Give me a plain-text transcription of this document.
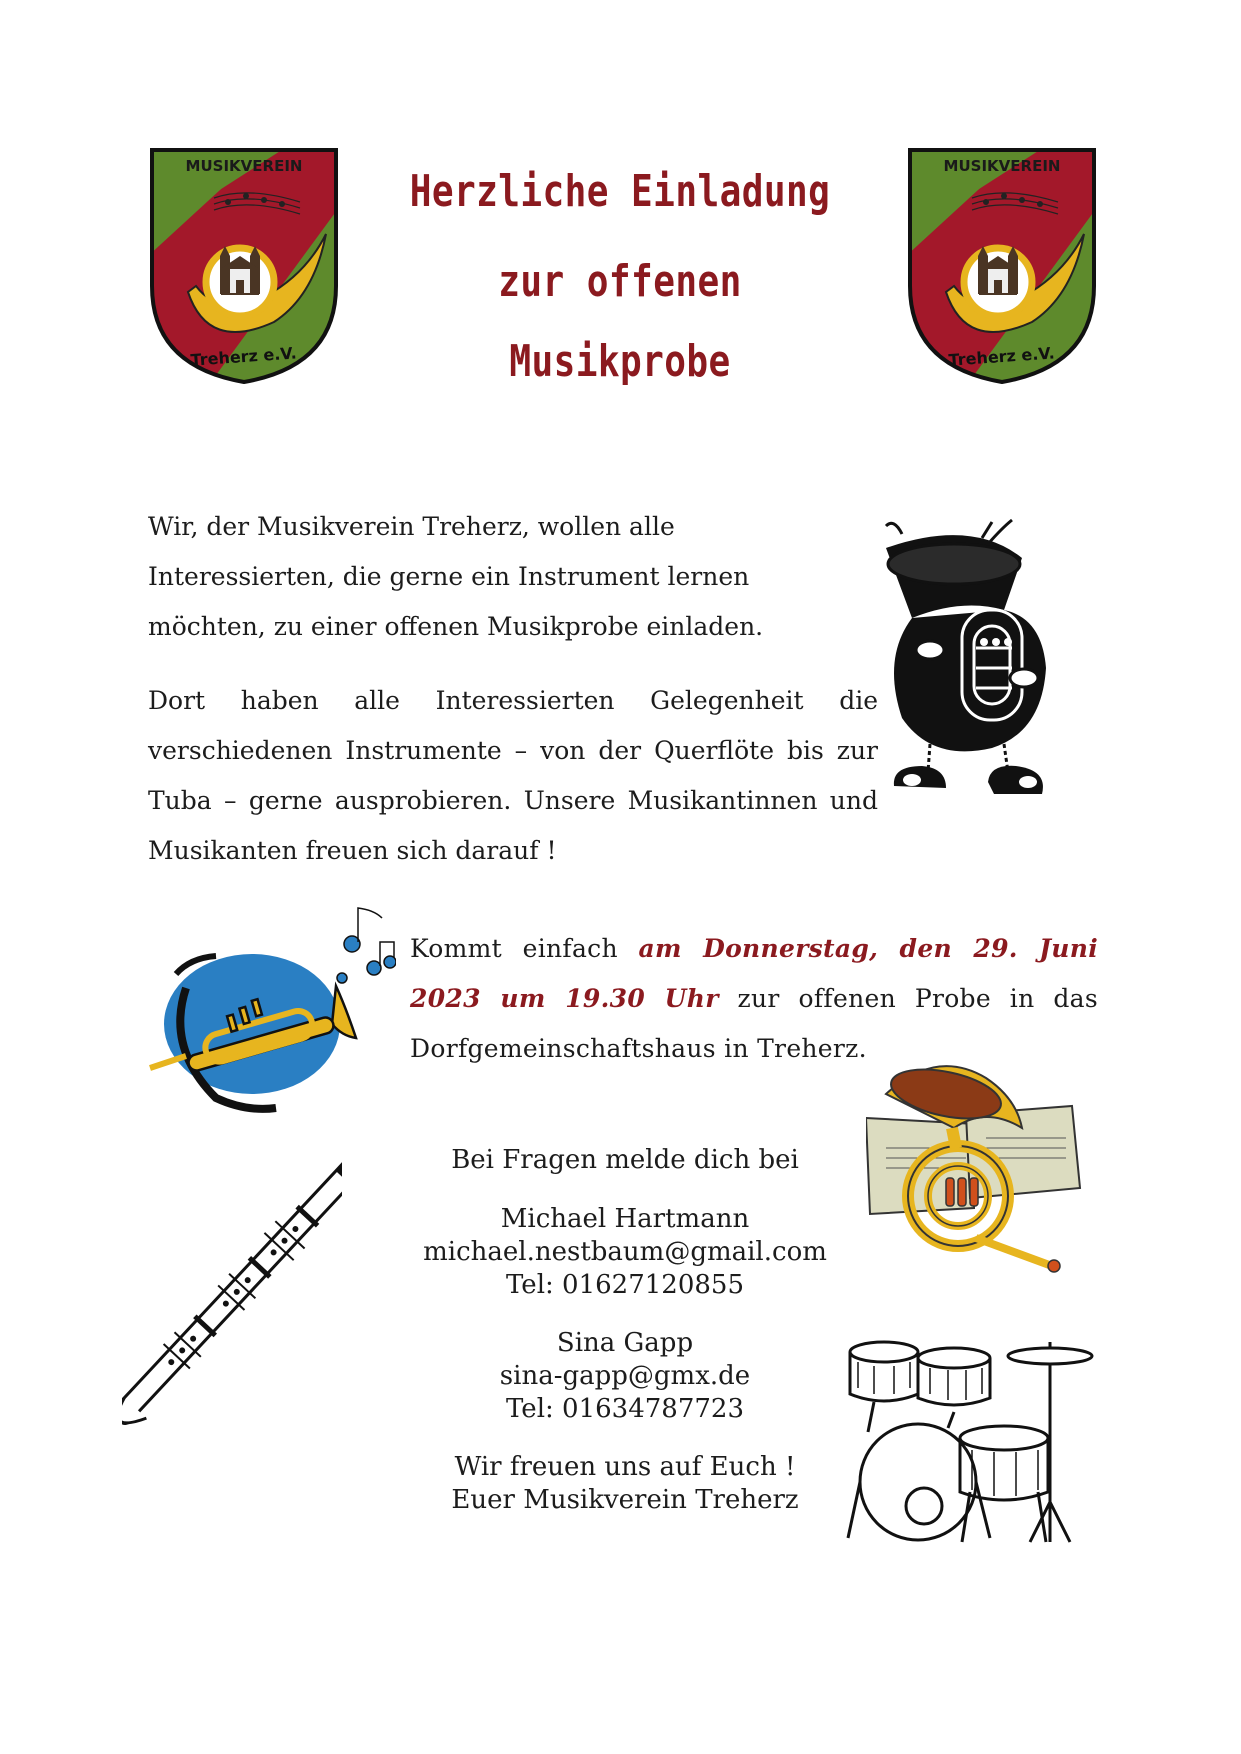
MUSIKVEREIN
Treherz e.V.
MUSIKVEREIN
Treherz e.V.
Herzliche Einladung
zur offenen
Musikprobe

Wir, der Musikverein Treherz, wollen alle Interessierten, die gerne ein Instrument lernen möchten, zu einer offenen Musikprobe einladen.

Dort haben alle Interessierten Gelegenheit die verschiedenen Instrumente – von der Querflöte bis zur Tuba – gerne ausprobieren. Unsere Musikantinnen und Musikanten freuen sich darauf !

Kommt einfach am Donnerstag, den 29. Juni 2023 um 19.30 Uhr zur offenen Probe in das Dorfgemeinschaftshaus in Treherz.

Bei Fragen melde dich bei
Michael Hartmann
michael.nestbaum@gmail.com
Tel: 01627120855
Sina Gapp
sina-gapp@gmx.de
Tel: 01634787723
Wir freuen uns auf Euch !
Euer Musikverein Treherz
